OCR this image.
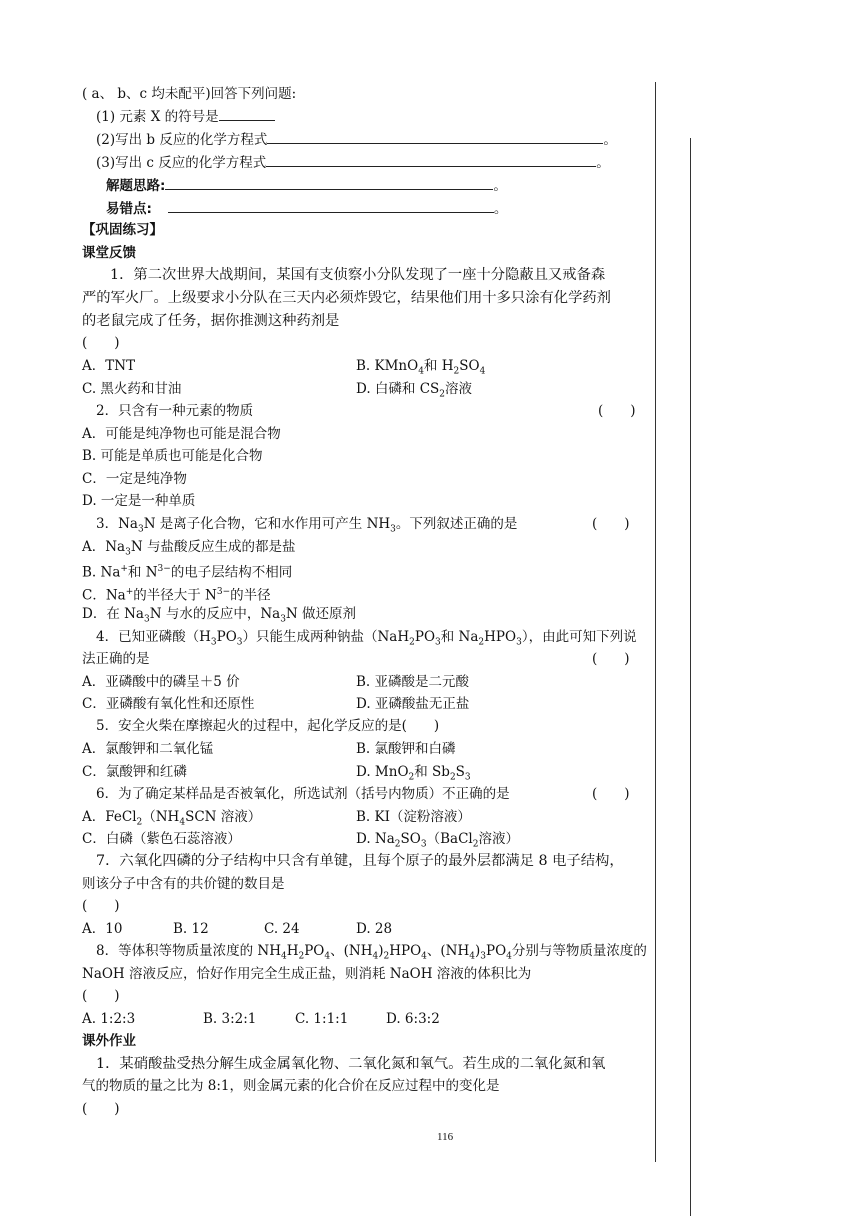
( a、 b、c 均未配平)回答下列问题:
(1) 元素 X 的符号是
(2)写出 b 反应的化学方程式	。
(3)写出 c 反应的化学方程式	。
解题思路:	。
易错点:	。
【巩固练习】
课堂反馈
1．第二次世界大战期间，某国有支侦察小分队发现了一座十分隐蔽且又戒备森
严的军火厂。上级要求小分队在三天内必须炸毁它，结果他们用十多只涂有化学药剂
的老鼠完成了任务，据你推测这种药剂是
(　　)
A．TNT	B. KMnO$_4$和 $H_2SO_4$
C. 黑火药和甘油	D. 白磷和 $CS_2$溶液
2．只含有一种元素的物质	(　　)
A．可能是纯净物也可能是混合物
B. 可能是单质也可能是化合物
C．一定是纯净物
D. 一定是一种单质
3．$Na_3N$ 是离子化合物，它和水作用可产生 $NH_3$。下列叙述正确的是	(　　)
A．$Na_3N$ 与盐酸反应生成的都是盐
B. Na+和 $N^{3-}$的电子层结构不相同
C．Na+的半径大于 $N^{3-}$的半径
D．在 $Na_3N$ 与水的反应中，$Na_3N$ 做还原剂
4．已知亚磷酸$(H_3PO_3)$只能生成两种钠盐（$NaH_2PO_3$和 $Na_2HPO_3$），由此可知下列说
法正确的是	(　　)
A．亚磷酸中的磷呈＋5 价	B. 亚磷酸是二元酸
C．亚磷酸有氧化性和还原性	D. 亚磷酸盐无正盐
5．安全火柴在摩擦起火的过程中，起化学反应的是(　　)
A．氯酸钾和二氧化锰	B. 氯酸钾和白磷
C．氯酸钾和红磷	D. MnO$_2$和 $Sb_2S_3$
6．为了确定某样品是否被氧化，所选试剂（括号内物质）不正确的是	(　　)
A．$FeCl_2(NH_4SCN$ 溶液）	B. KI（淀粉溶液）
C．白磷（紫色石蕊溶液）	D. $Na_2SO_3(BaCl_2$溶液）
7．六氧化四磷的分子结构中只含有单键，且每个原子的最外层都满足 8 电子结构，
则该分子中含有的共价键的数目是
(　　)
A．10	B. 12	C. 24	D. 28
8．等体积等物质量浓度的 $NH_4H_2PO_4$、$(NH_4)_2HPO_4$、$(NH_4)_3PO_4$分别与等物质量浓度的
NaOH 溶液反应，恰好作用完全生成正盐，则消耗 NaOH 溶液的体积比为
(　　)
A. 1:2:3	B. 3:2:1	C. 1:1:1	D. 6:3:2
课外作业
1．某硝酸盐受热分解生成金属氧化物、二氧化氮和氧气。若生成的二氧化氮和氧
气的物质的量之比为 8:1，则金属元素的化合价在反应过程中的变化是
(　　)
116
